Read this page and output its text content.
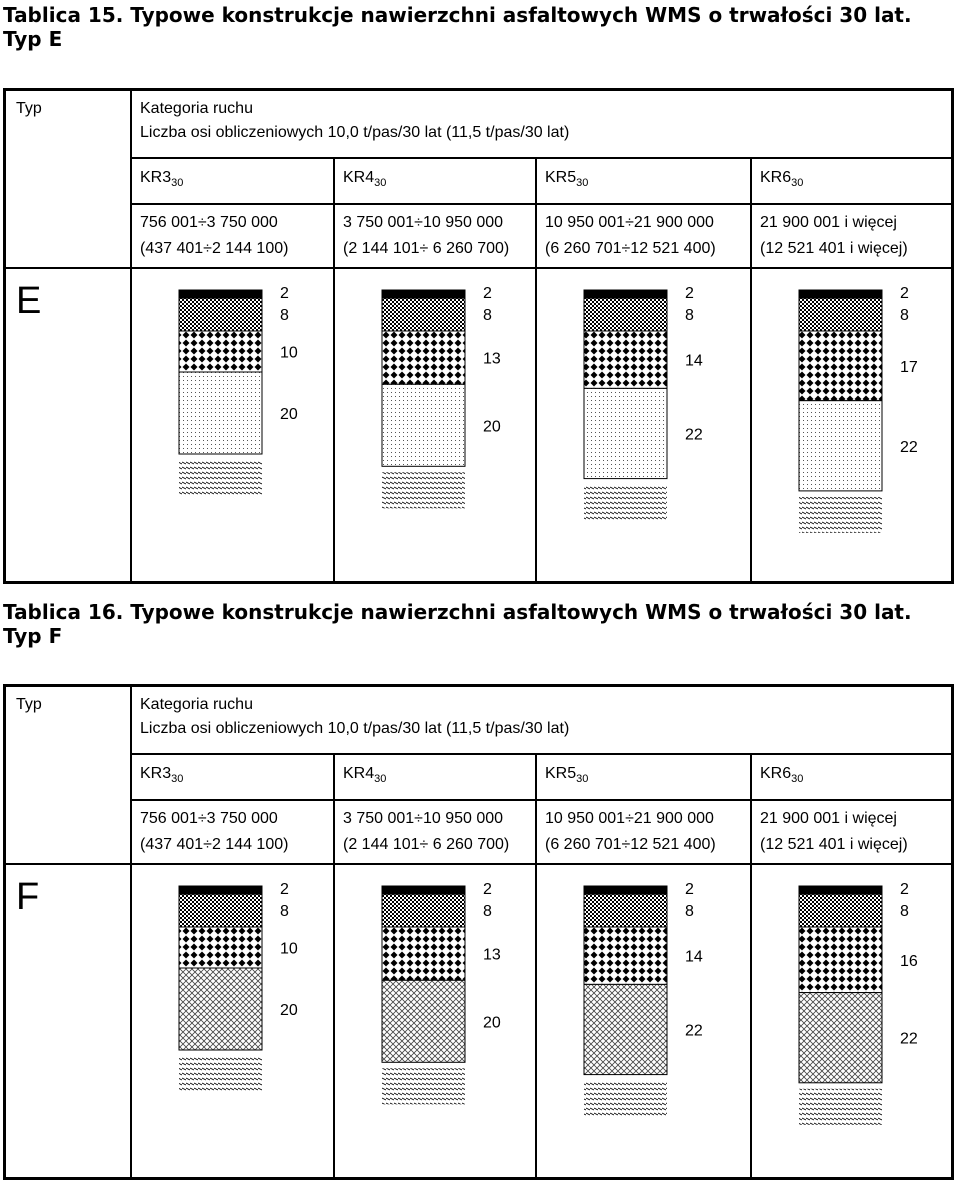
Tablica 15. Typowe konstrukcje nawierzchni asfaltowych WMS o trwałości 30 lat.
Typ E
Typ	Kategoria ruchu
Liczba osi obliczeniowych 10,0 t/pas/30 lat (11,5 t/pas/30 lat)
E
$KR3_{30}$
756 001÷3 750 000
(437 401÷2 144 100)
2
8
10
20
$KR4_{30}$
3 750 001÷10 950 000
(2 144 101÷ 6 260 700)
2
8
13
20
$KR5_{30}$
10 950 001÷21 900 000
(6 260 701÷12 521 400)
2
8
14
22
$KR6_{30}$
21 900 001 i więcej
(12 521 401 i więcej)
2
8
17
22
Tablica 16. Typowe konstrukcje nawierzchni asfaltowych WMS o trwałości 30 lat.
Typ F
Typ	Kategoria ruchu
Liczba osi obliczeniowych 10,0 t/pas/30 lat (11,5 t/pas/30 lat)
F
$KR3_{30}$
756 001÷3 750 000
(437 401÷2 144 100)
2
8
10
20
$KR4_{30}$
3 750 001÷10 950 000
(2 144 101÷ 6 260 700)
2
8
13
20
$KR5_{30}$
10 950 001÷21 900 000
(6 260 701÷12 521 400)
2
8
14
22
$KR6_{30}$
21 900 001 i więcej
(12 521 401 i więcej)
2
8
16
22
